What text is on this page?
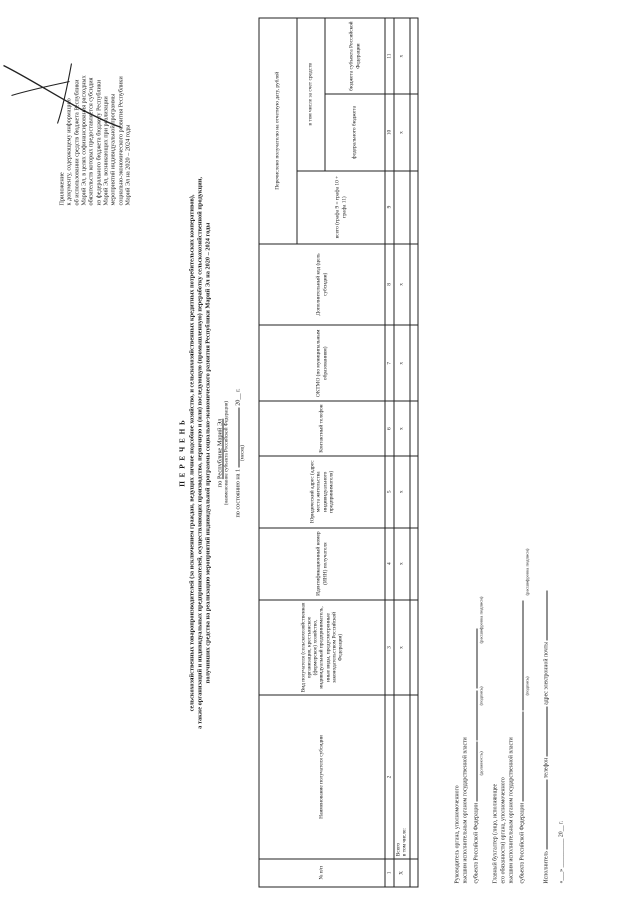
Приложение к документу, содержащему информацию об использовании средств бюджета Республики Марий Эл, в целях софинансирования расходных обязательств которых предоставляется субсидия из федерального бюджета бюджету Республики Марий Эл, возникающих при реализации мероприятий индивидуальной программы социально-экономического развития Республики Марий Эл на 2020 – 2024 годы
П Е Р Е Ч Е Н Ь сельскохозяйственных товаропроизводителей (за исключением граждан, ведущих личное подсобное хозяйство, и сельскохозяйственных кредитных потребительских кооперативов), а также организаций и индивидуальных предпринимателей, осуществляющих производство, первичную и (или) последующую (промышленную) переработку сельскохозяйственной продукции, получивших средства на реализацию мероприятий индивидуальной программы социально-экономического развития Республики Марий Эл на 2020 – 2024 годы по Республике Марий Эл (наименование субъекта Российской Федерации) по состоянию на 1  20__ г.
(месяц)
№ п/п	Наименование получателя субсидии	Вид получателя (сельскохозяйственная организация, крестьянское (фермерское) хозяйство, индивидуальный предприниматель, иные виды, предусмотренные законодательством Российской Федерации)	Идентификационный номер (ИНН) получателя	Юридический адрес (адрес места жительства индивидуального предпринимателя)	Контактный телефон	ОКТМО (по муниципальным образованиям)	Дополнительный код (цель субсидии)	Перечислено получателю на отчетную дату, рублей		
								всего (графа 9 = графа 10 + графа 11)	в том числе за счет средств	
									федерального бюджета	бюджета субъекта Российской Федерации
1	2	3	4	5	6	7	8	9	10	11
X	Всего в том числе:	х	х	х	х	х	х		х	х

Руководитель органа, уполномоченного высшим исполнительным органом государственной власти субъекта Российской Федерации
(должность)
(подпись)
(расшифровка подписи)
Главный бухгалтер (лицо, исполняющее его обязанности) органа, уполномоченного высшим исполнительным органом государственной власти субъекта Российской Федерации
(подпись)
(расшифровка подписи)
Исполнитель  телефон  адрес электронной почты
«___» __________ 20__ г.
